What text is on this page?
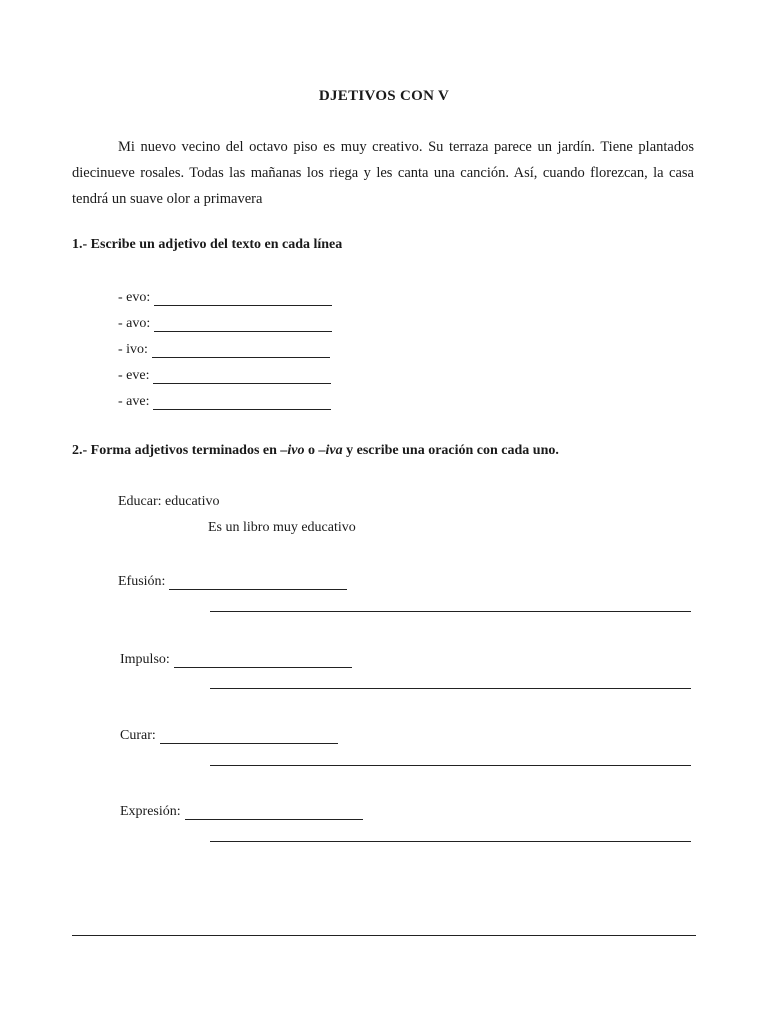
DJETIVOS CON V
Mi nuevo vecino del octavo piso es muy creativo. Su terraza parece un jardín. Tiene plantados diecinueve rosales. Todas las mañanas los riega y les canta una canción. Así, cuando florezcan, la casa tendrá un suave olor a primavera
1.- Escribe un adjetivo del texto en cada línea
- evo:
- avo:
- ivo:
- eve:
- ave:
2.- Forma adjetivos terminados en –ivo o –iva y escribe una oración con cada uno.
Educar: educativo
Es un libro muy educativo
Efusión:
Impulso:
Curar:
Expresión:
